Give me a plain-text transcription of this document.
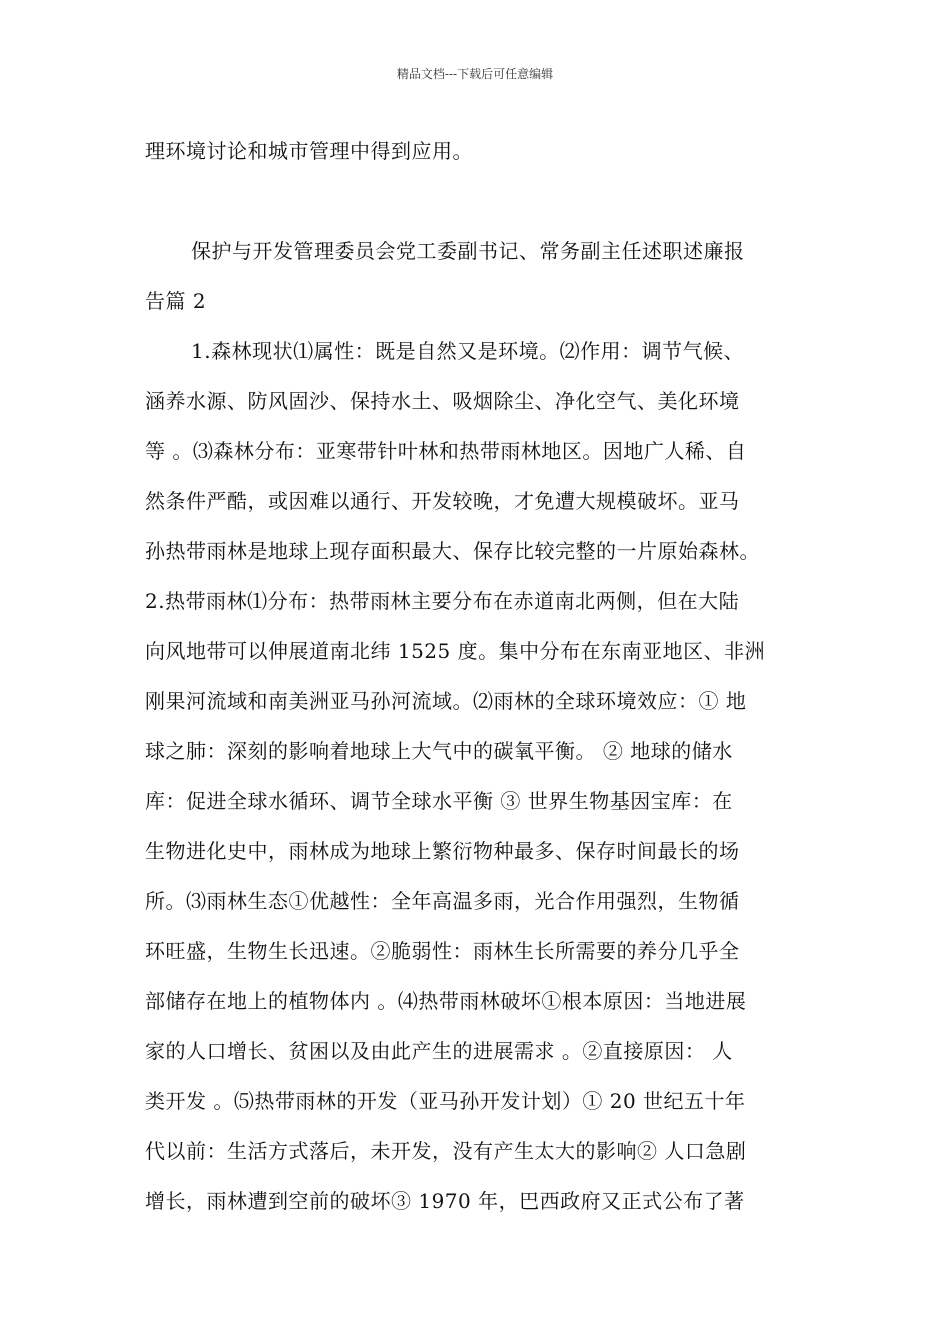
精品文档---下载后可任意编辑
理环境讨论和城市管理中得到应用。
保护与开发管理委员会党工委副书记、常务副主任述职述廉报
告篇 2
1.森林现状⑴属性：既是自然又是环境。⑵作用：调节气候、
涵养水源、防风固沙、保持水土、吸烟除尘、净化空气、美化环境
等 。⑶森林分布：亚寒带针叶林和热带雨林地区。因地广人稀、自
然条件严酷，或因难以通行、开发较晚，才免遭大规模破坏。亚马
孙热带雨林是地球上现存面积最大、保存比较完整的一片原始森林。
2.热带雨林⑴分布：热带雨林主要分布在赤道南北两侧，但在大陆
向风地带可以伸展道南北纬 1525 度。集中分布在东南亚地区、非洲
刚果河流域和南美洲亚马孙河流域。⑵雨林的全球环境效应：① 地
球之肺：深刻的影响着地球上大气中的碳氧平衡。 ② 地球的储水
库：促进全球水循环、调节全球水平衡 ③ 世界生物基因宝库：在
生物进化史中，雨林成为地球上繁衍物种最多、保存时间最长的场
所。⑶雨林生态①优越性：全年高温多雨，光合作用强烈，生物循
环旺盛，生物生长迅速。②脆弱性：雨林生长所需要的养分几乎全
部储存在地上的植物体内 。⑷热带雨林破坏①根本原因：当地进展
家的人口增长、贫困以及由此产生的进展需求 。②直接原因： 人
类开发 。⑸热带雨林的开发（亚马孙开发计划）① 20 世纪五十年
代以前：生活方式落后，未开发，没有产生太大的影响② 人口急剧
增长，雨林遭到空前的破坏③ 1970 年，巴西政府又正式公布了著
